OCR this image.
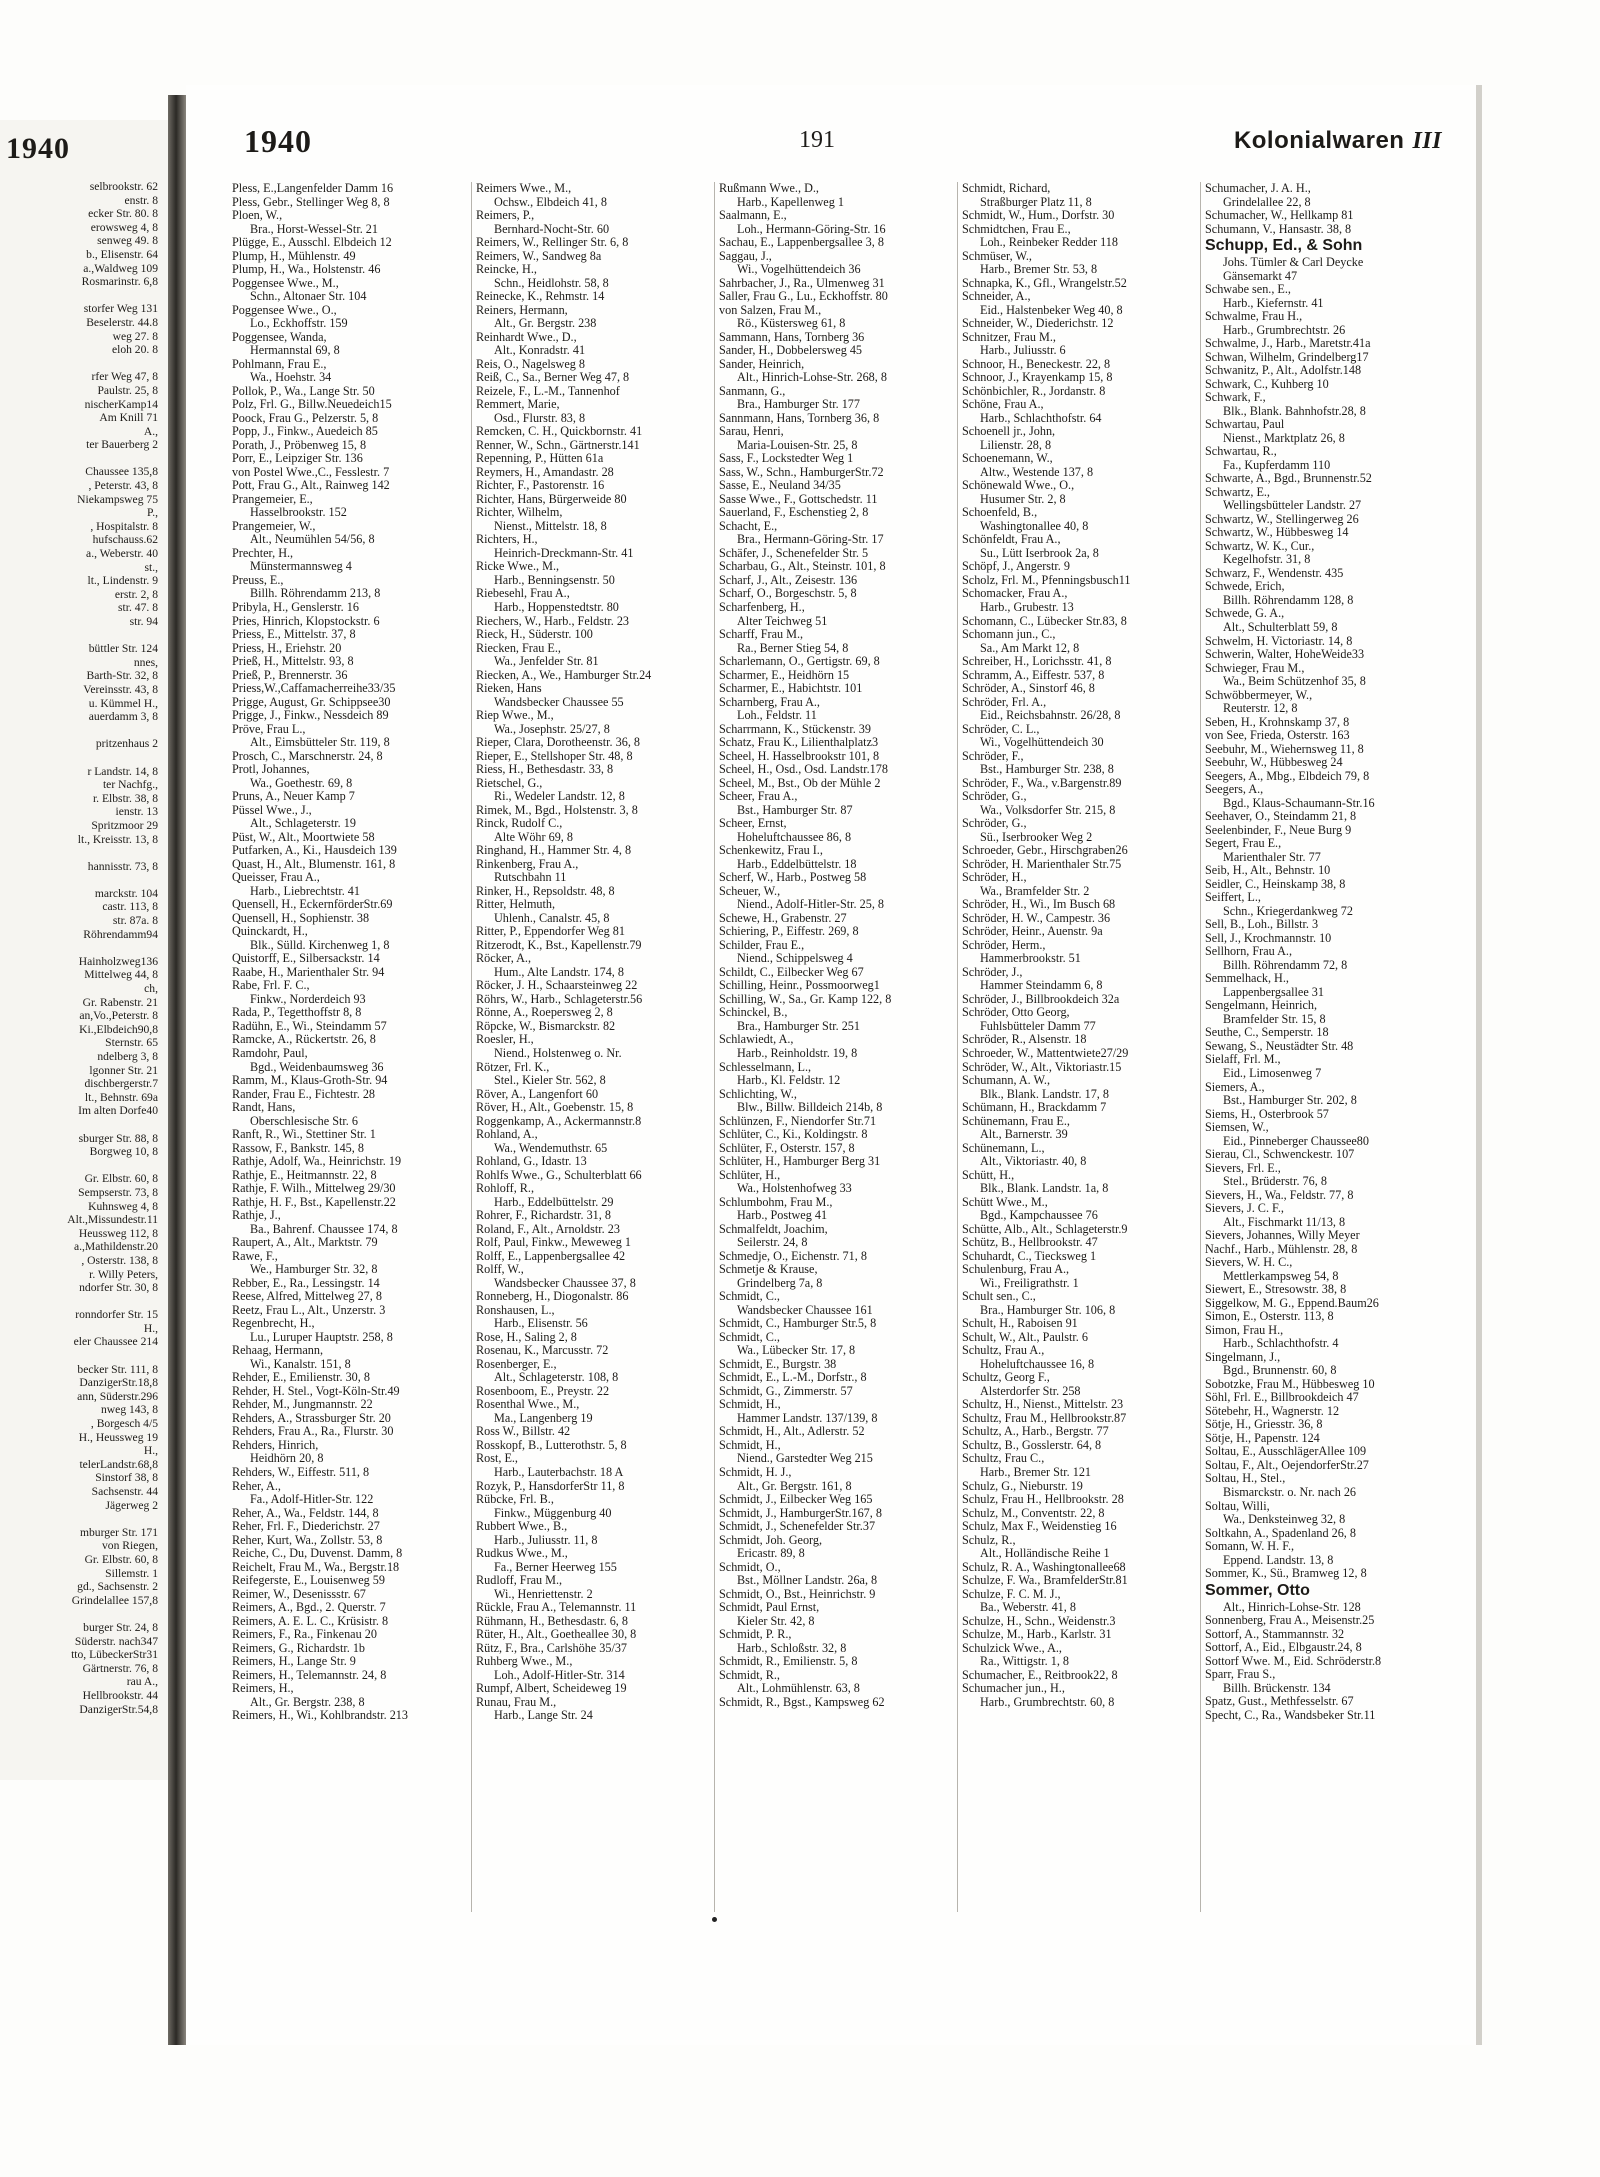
1940
selbrookstr. 62
enstr. 8
ecker Str. 80. 8
erowsweg 4, 8
senweg 49. 8
b., Elisenstr. 64
a.,Waldweg 109
Rosmarinstr. 6,8

storfer Weg 131
Beselerstr. 44.8
weg 27. 8
eloh 20. 8

rfer Weg 47, 8
Paulstr. 25, 8
nischerKamp14
Am Knill 71
A.,
ter Bauerberg 2

Chaussee 135,8
, Peterstr. 43, 8
Niekampsweg 75
P.,
, Hospitalstr. 8
hufschauss.62
a., Weberstr. 40
st.,
lt., Lindenstr. 9
erstr. 2, 8
str. 47. 8
str. 94

büttler Str. 124
nnes,
Barth-Str. 32, 8
Vereinsstr. 43, 8
u. Kümmel H.,
auerdamm 3, 8

pritzenhaus 2

r Landstr. 14, 8
ter Nachfg.,
r. Elbstr. 38, 8
ienstr. 13
Spritzmoor 29
lt., Kreisstr. 13, 8

hannisstr. 73, 8

marckstr. 104
castr. 113, 8
str. 87a. 8
Röhrendamm94

Hainholzweg136
Mittelweg 44, 8
ch,
Gr. Rabenstr. 21
an,Vo.,Peterstr. 8
Ki.,Elbdeich90,8
Sternstr. 65
ndelberg 3, 8
lgonner Str. 21
dischbergerstr.7
lt., Behnstr. 69a
Im alten Dorfe40

sburger Str. 88, 8
Borgweg 10, 8

Gr. Elbstr. 60, 8
Sempserstr. 73, 8
Kuhnsweg 4, 8
Alt.,Missundestr.11
Heussweg 112, 8
a.,Mathildenstr.20
, Osterstr. 138, 8
r. Willy Peters,
ndorfer Str. 30, 8

ronndorfer Str. 15
H.,
eler Chaussee 214

becker Str. 111, 8
DanzigerStr.18,8
ann, Süderstr.296
nweg 143, 8
, Borgesch 4/5
H., Heussweg 19
H.,
telerLandstr.68,8
Sinstorf 38, 8
Sachsenstr. 44
Jägerweg 2

mburger Str. 171
von Riegen,
Gr. Elbstr. 60, 8
Sillemstr. 1
gd., Sachsenstr. 2
Grindelallee 157,8

burger Str. 24, 8
Süderstr. nach347
tto, LübeckerStr31
Gärtnerstr. 76, 8
rau A.,
Hellbrookstr. 44
DanzigerStr.54,8
1940	191	Kolonialwaren III
Pless, E.,Langenfelder Damm 16
Pless, Gebr., Stellinger Weg 8, 8
Ploen, W.,
Bra., Horst-Wessel-Str. 21
Plügge, E., Ausschl. Elbdeich 12
Plump, H., Mühlenstr. 49
Plump, H., Wa., Holstenstr. 46
Poggensee Wwe., M.,
Schn., Altonaer Str. 104
Poggensee Wwe., O.,
Lo., Eckhoffstr. 159
Poggensee, Wanda,
Hermannstal 69, 8
Pohlmann, Frau E.,
Wa., Hoehstr. 34
Pollok, P., Wa., Lange Str. 50
Polz, Frl. G., Billw.Neuedeich15
Poock, Frau G., Pelzerstr. 5, 8
Popp, J., Finkw., Auedeich 85
Porath, J., Pröbenweg 15, 8
Porr, E., Leipziger Str. 136
von Postel Wwe.,C., Fesslestr. 7
Pott, Frau G., Alt., Rainweg 142
Prangemeier, E.,
Hasselbrookstr. 152
Prangemeier, W.,
Alt., Neumühlen 54/56, 8
Prechter, H.,
Münstermannsweg 4
Preuss, E.,
Billh. Röhrendamm 213, 8
Pribyla, H., Genslerstr. 16
Pries, Hinrich, Klopstockstr. 6
Priess, E., Mittelstr. 37, 8
Priess, H., Eriehstr. 20
Prieß, H., Mittelstr. 93, 8
Prieß, P., Brennerstr. 36
Priess,W.,Caffamacherreihe33/35
Prigge, August, Gr. Schippsee30
Prigge, J., Finkw., Nessdeich 89
Pröve, Frau L.,
Alt., Eimsbütteler Str. 119, 8
Prosch, C., Marschnerstr. 24, 8
Protl, Johannes,
Wa., Goethestr. 69, 8
Pruns, A., Neuer Kamp 7
Püssel Wwe., J.,
Alt., Schlageterstr. 19
Püst, W., Alt., Moortwiete 58
Putfarken, A., Ki., Hausdeich 139
Quast, H., Alt., Blumenstr. 161, 8
Queisser, Frau A.,
Harb., Liebrechtstr. 41
Quensell, H., EckernförderStr.69
Quensell, H., Sophienstr. 38
Quinckardt, H.,
Blk., Sülld. Kirchenweg 1, 8
Quistorff, E., Silbersackstr. 14
Raabe, H., Marienthaler Str. 94
Rabe, Frl. F. C.,
Finkw., Norderdeich 93
Rada, P., Tegetthoffstr 8, 8
Radühn, E., Wi., Steindamm 57
Ramcke, A., Rückertstr. 26, 8
Ramdohr, Paul,
Bgd., Weidenbaumsweg 36
Ramm, M., Klaus-Groth-Str. 94
Rander, Frau E., Fichtestr. 28
Randt, Hans,
Oberschlesische Str. 6
Ranft, R., Wi., Stettiner Str. 1
Rassow, F., Bankstr. 145, 8
Rathje, Adolf, Wa., Heinrichstr. 19
Rathje, E., Heitmannstr. 22, 8
Rathje, F. Wilh., Mittelweg 29/30
Rathje, H. F., Bst., Kapellenstr.22
Rathje, J.,
Ba., Bahrenf. Chaussee 174, 8
Raupert, A., Alt., Marktstr. 79
Rawe, F.,
We., Hamburger Str. 32, 8
Rebber, E., Ra., Lessingstr. 14
Reese, Alfred, Mittelweg 27, 8
Reetz, Frau L., Alt., Unzerstr. 3
Regenbrecht, H.,
Lu., Luruper Hauptstr. 258, 8
Rehaag, Hermann,
Wi., Kanalstr. 151, 8
Rehder, E., Emilienstr. 30, 8
Rehder, H. Stel., Vogt-Köln-Str.49
Rehder, M., Jungmannstr. 22
Rehders, A., Strassburger Str. 20
Rehders, Frau A., Ra., Flurstr. 30
Rehders, Hinrich,
Heidhörn 20, 8
Rehders, W., Eiffestr. 511, 8
Reher, A.,
Fa., Adolf-Hitler-Str. 122
Reher, A., Wa., Feldstr. 144, 8
Reher, Frl. F., Diederichstr. 27
Reher, Kurt, Wa., Zollstr. 53, 8
Reiche, C., Du, Duvenst. Damm, 8
Reichelt, Frau M., Wa., Bergstr.18
Reifegerste, E., Louisenweg 59
Reimer, W., Desenissstr. 67
Reimers, A., Bgd., 2. Querstr. 7
Reimers, A. E. L. C., Krüsistr. 8
Reimers, F., Ra., Finkenau 20
Reimers, G., Richardstr. 1b
Reimers, H., Lange Str. 9
Reimers, H., Telemannstr. 24, 8
Reimers, H.,
Alt., Gr. Bergstr. 238, 8
Reimers, H., Wi., Kohlbrandstr. 213
Reimers Wwe., M.,
Ochsw., Elbdeich 41, 8
Reimers, P.,
Bernhard-Nocht-Str. 60
Reimers, W., Rellinger Str. 6, 8
Reimers, W., Sandweg 8a
Reincke, H.,
Schn., Heidlohstr. 58, 8
Reinecke, K., Rehmstr. 14
Reiners, Hermann,
Alt., Gr. Bergstr. 238
Reinhardt Wwe., D.,
Alt., Konradstr. 41
Reis, O., Nagelsweg 8
Reiß, C., Sa., Berner Weg 47, 8
Reizele, F., L.-M., Tannenhof
Remmert, Marie,
Osd., Flurstr. 83, 8
Remcken, C. H., Quickbornstr. 41
Renner, W., Schn., Gärtnerstr.141
Repenning, P., Hütten 61a
Reymers, H., Amandastr. 28
Richter, F., Pastorenstr. 16
Richter, Hans, Bürgerweide 80
Richter, Wilhelm,
Nienst., Mittelstr. 18, 8
Richters, H.,
Heinrich-Dreckmann-Str. 41
Ricke Wwe., M.,
Harb., Benningsenstr. 50
Riebesehl, Frau A.,
Harb., Hoppenstedtstr. 80
Riechers, W., Harb., Feldstr. 23
Rieck, H., Süderstr. 100
Riecken, Frau E.,
Wa., Jenfelder Str. 81
Riecken, A., We., Hamburger Str.24
Rieken, Hans
Wandsbecker Chaussee 55
Riep Wwe., M.,
Wa., Josephstr. 25/27, 8
Rieper, Clara, Dorotheenstr. 36, 8
Rieper, E., Stellshoper Str. 48, 8
Riess, H., Bethesdastr. 33, 8
Rietschel, G.,
Ri., Wedeler Landstr. 12, 8
Rimek, M., Bgd., Holstenstr. 3, 8
Rinck, Rudolf C.,
Alte Wöhr 69, 8
Ringhand, H., Hammer Str. 4, 8
Rinkenberg, Frau A.,
Rutschbahn 11
Rinker, H., Repsoldstr. 48, 8
Ritter, Helmuth,
Uhlenh., Canalstr. 45, 8
Ritter, P., Eppendorfer Weg 81
Ritzerodt, K., Bst., Kapellenstr.79
Röcker, A.,
Hum., Alte Landstr. 174, 8
Röcker, J. H., Schaarsteinweg 22
Röhrs, W., Harb., Schlageterstr.56
Rönne, A., Roepersweg 2, 8
Röpcke, W., Bismarckstr. 82
Roesler, H.,
Niend., Holstenweg o. Nr.
Rötzer, Frl. K.,
Stel., Kieler Str. 562, 8
Röver, A., Langenfort 60
Röver, H., Alt., Goebenstr. 15, 8
Roggenkamp, A., Ackermannstr.8
Rohland, A.,
Wa., Wendemuthstr. 65
Rohland, G., Idastr. 13
Rohlfs Wwe., G., Schulterblatt 66
Rohloff, R.,
Harb., Eddelbüttelstr. 29
Rohrer, F., Richardstr. 31, 8
Roland, F., Alt., Arnoldstr. 23
Rolf, Paul, Finkw., Meweweg 1
Rolff, E., Lappenbergsallee 42
Rolff, W.,
Wandsbecker Chaussee 37, 8
Ronneberg, H., Diogonalstr. 86
Ronshausen, L.,
Harb., Elisenstr. 56
Rose, H., Saling 2, 8
Rosenau, K., Marcusstr. 72
Rosenberger, E.,
Alt., Schlageterstr. 108, 8
Rosenboom, E., Preystr. 22
Rosenthal Wwe., M.,
Ma., Langenberg 19
Ross W., Billstr. 42
Rosskopf, B., Lutterothstr. 5, 8
Rost, E.,
Harb., Lauterbachstr. 18 A
Rozyk, P., HansdorferStr 11, 8
Rübcke, Frl. B.,
Finkw., Müggenburg 40
Rubbert Wwe., B.,
Harb., Juliusstr. 11, 8
Rudkus Wwe., M.,
Fa., Berner Heerweg 155
Rudloff, Frau M.,
Wi., Henriettenstr. 2
Rückle, Frau A., Telemannstr. 11
Rühmann, H., Bethesdastr. 6, 8
Rüter, H., Alt., Goetheallee 30, 8
Rütz, F., Bra., Carlshöhe 35/37
Ruhberg Wwe., M.,
Loh., Adolf-Hitler-Str. 314
Rumpf, Albert, Scheideweg 19
Runau, Frau M.,
Harb., Lange Str. 24
Rußmann Wwe., D.,
Harb., Kapellenweg 1
Saalmann, E.,
Loh., Hermann-Göring-Str. 16
Sachau, E., Lappenbergsallee 3, 8
Saggau, J.,
Wi., Vogelhüttendeich 36
Sahrbacher, J., Ra., Ulmenweg 31
Saller, Frau G., Lu., Eckhoffstr. 80
von Salzen, Frau M.,
Rö., Küstersweg 61, 8
Sammann, Hans, Tornberg 36
Sander, H., Dobbelersweg 45
Sander, Heinrich,
Alt., Hinrich-Lohse-Str. 268, 8
Sanmann, G.,
Bra., Hamburger Str. 177
Sannmann, Hans, Tornberg 36, 8
Sarau, Henri,
Maria-Louisen-Str. 25, 8
Sass, F., Lockstedter Weg 1
Sass, W., Schn., HamburgerStr.72
Sasse, E., Neuland 34/35
Sasse Wwe., F., Gottschedstr. 11
Sauerland, F., Eschenstieg 2, 8
Schacht, E.,
Bra., Hermann-Göring-Str. 17
Schäfer, J., Schenefelder Str. 5
Scharbau, G., Alt., Steinstr. 101, 8
Scharf, J., Alt., Zeisestr. 136
Scharf, O., Borgeschstr. 5, 8
Scharfenberg, H.,
Alter Teichweg 51
Scharff, Frau M.,
Ra., Berner Stieg 54, 8
Scharlemann, O., Gertigstr. 69, 8
Scharmer, E., Heidhörn 15
Scharmer, E., Habichtstr. 101
Scharnberg, Frau A.,
Loh., Feldstr. 11
Scharrmann, K., Stückenstr. 39
Schatz, Frau K., Lilienthalplatz3
Scheel, H. Hasselbrookstr 101, 8
Scheel, H., Osd., Osd. Landstr.178
Scheel, M., Bst., Ob der Mühle 2
Scheer, Frau A.,
Bst., Hamburger Str. 87
Scheer, Ernst,
Hoheluftchaussee 86, 8
Schenkewitz, Frau I.,
Harb., Eddelbüttelstr. 18
Scherf, W., Harb., Postweg 58
Scheuer, W.,
Niend., Adolf-Hitler-Str. 25, 8
Schewe, H., Grabenstr. 27
Schiering, P., Eiffestr. 269, 8
Schilder, Frau E.,
Niend., Schippelsweg 4
Schildt, C., Eilbecker Weg 67
Schilling, Heinr., Possmoorweg1
Schilling, W., Sa., Gr. Kamp 122, 8
Schinckel, B.,
Bra., Hamburger Str. 251
Schlawiedt, A.,
Harb., Reinholdstr. 19, 8
Schlesselmann, L.,
Harb., Kl. Feldstr. 12
Schlichting, W.,
Blw., Billw. Billdeich 214b, 8
Schlünzen, F., Niendorfer Str.71
Schlüter, C., Ki., Koldingstr. 8
Schlüter, F., Osterstr. 157, 8
Schlüter, H., Hamburger Berg 31
Schlüter, H.,
Wa., Holstenhofweg 33
Schlumbohm, Frau M.,
Harb., Postweg 41
Schmalfeldt, Joachim,
Seilerstr. 24, 8
Schmedje, O., Eichenstr. 71, 8
Schmetje & Krause,
Grindelberg 7a, 8
Schmidt, C.,
Wandsbecker Chaussee 161
Schmidt, C., Hamburger Str.5, 8
Schmidt, C.,
Wa., Lübecker Str. 17, 8
Schmidt, E., Burgstr. 38
Schmidt, E., L.-M., Dorfstr., 8
Schmidt, G., Zimmerstr. 57
Schmidt, H.,
Hammer Landstr. 137/139, 8
Schmidt, H., Alt., Adlerstr. 52
Schmidt, H.,
Niend., Garstedter Weg 215
Schmidt, H. J.,
Alt., Gr. Bergstr. 161, 8
Schmidt, J., Eilbecker Weg 165
Schmidt, J., HamburgerStr.167, 8
Schmidt, J., Schenefelder Str.37
Schmidt, Joh. Georg,
Ericastr. 89, 8
Schmidt, O.,
Bst., Möllner Landstr. 26a, 8
Schmidt, O., Bst., Heinrichstr. 9
Schmidt, Paul Ernst,
Kieler Str. 42, 8
Schmidt, P. R.,
Harb., Schloßstr. 32, 8
Schmidt, R., Emilienstr. 5, 8
Schmidt, R.,
Alt., Lohmühlenstr. 63, 8
Schmidt, R., Bgst., Kampsweg 62
Schmidt, Richard,
Straßburger Platz 11, 8
Schmidt, W., Hum., Dorfstr. 30
Schmidtchen, Frau E.,
Loh., Reinbeker Redder 118
Schmüser, W.,
Harb., Bremer Str. 53, 8
Schnapka, K., Gfl., Wrangelstr.52
Schneider, A.,
Eid., Halstenbeker Weg 40, 8
Schneider, W., Diederichstr. 12
Schnitzer, Frau M.,
Harb., Juliusstr. 6
Schnoor, H., Beneckestr. 22, 8
Schnoor, J., Krayenkamp 15, 8
Schönbichler, R., Jordanstr. 8
Schöne, Frau A.,
Harb., Schlachthofstr. 64
Schoenell jr., John,
Lilienstr. 28, 8
Schoenemann, W.,
Altw., Westende 137, 8
Schönewald Wwe., O.,
Husumer Str. 2, 8
Schoenfeld, B.,
Washingtonallee 40, 8
Schönfeldt, Frau A.,
Su., Lütt Iserbrook 2a, 8
Schöpf, J., Angerstr. 9
Scholz, Frl. M., Pfenningsbusch11
Schomacker, Frau A.,
Harb., Grubestr. 13
Schomann, C., Lübecker Str.83, 8
Schomann jun., C.,
Sa., Am Markt 12, 8
Schreiber, H., Lorichsstr. 41, 8
Schramm, A., Eiffestr. 537, 8
Schröder, A., Sinstorf 46, 8
Schröder, Frl. A.,
Eid., Reichsbahnstr. 26/28, 8
Schröder, C. L.,
Wi., Vogelhüttendeich 30
Schröder, F.,
Bst., Hamburger Str. 238, 8
Schröder, F., Wa., v.Bargenstr.89
Schröder, G.,
Wa., Volksdorfer Str. 215, 8
Schröder, G.,
Sü., Iserbrooker Weg 2
Schroeder, Gebr., Hirschgraben26
Schröder, H. Marienthaler Str.75
Schröder, H.,
Wa., Bramfelder Str. 2
Schröder, H., Wi., Im Busch 68
Schröder, H. W., Campestr. 36
Schröder, Heinr., Auenstr. 9a
Schröder, Herm.,
Hammerbrookstr. 51
Schröder, J.,
Hammer Steindamm 6, 8
Schröder, J., Billbrookdeich 32a
Schröder, Otto Georg,
Fuhlsbütteler Damm 77
Schröder, R., Alsenstr. 18
Schroeder, W., Mattentwiete27/29
Schröder, W., Alt., Viktoriastr.15
Schumann, A. W.,
Blk., Blank. Landstr. 17, 8
Schümann, H., Brackdamm 7
Schünemann, Frau E.,
Alt., Barnerstr. 39
Schünemann, L.,
Alt., Viktoriastr. 40, 8
Schütt, H.,
Blk., Blank. Landstr. 1a, 8
Schütt Wwe., M.,
Bgd., Kampchaussee 76
Schütte, Alb., Alt., Schlageterstr.9
Schütz, B., Hellbrookstr. 47
Schuhardt, C., Tiecksweg 1
Schulenburg, Frau A.,
Wi., Freiligrathstr. 1
Schult sen., C.,
Bra., Hamburger Str. 106, 8
Schult, H., Raboisen 91
Schult, W., Alt., Paulstr. 6
Schultz, Frau A.,
Hoheluftchaussee 16, 8
Schultz, Georg F.,
Alsterdorfer Str. 258
Schultz, H., Nienst., Mittelstr. 23
Schultz, Frau M., Hellbrookstr.87
Schultz, A., Harb., Bergstr. 77
Schultz, B., Gosslerstr. 64, 8
Schultz, Frau C.,
Harb., Bremer Str. 121
Schulz, G., Nieburstr. 19
Schulz, Frau H., Hellbrookstr. 28
Schulz, M., Conventstr. 22, 8
Schulz, Max F., Weidenstieg 16
Schulz, R.,
Alt., Holländische Reihe 1
Schulz, R. A., Washingtonallee68
Schulze, F. Wa., BramfelderStr.81
Schulze, F. C. M. J.,
Ba., Weberstr. 41, 8
Schulze, H., Schn., Weidenstr.3
Schulze, M., Harb., Karlstr. 31
Schulzick Wwe., A.,
Ra., Wittigstr. 1, 8
Schumacher, E., Reitbrook22, 8
Schumacher jun., H.,
Harb., Grumbrechtstr. 60, 8
Schumacher, J. A. H.,
Grindelallee 22, 8
Schumacher, W., Hellkamp 81
Schumann, V., Hansastr. 38, 8
Schupp, Ed., & Sohn
Johs. Tümler & Carl Deycke
Gänsemarkt 47
Schwabe sen., E.,
Harb., Kiefernstr. 41
Schwalme, Frau H.,
Harb., Grumbrechtstr. 26
Schwalme, J., Harb., Maretstr.41a
Schwan, Wilhelm, Grindelberg17
Schwanitz, P., Alt., Adolfstr.148
Schwark, C., Kuhberg 10
Schwark, F.,
Blk., Blank. Bahnhofstr.28, 8
Schwartau, Paul
Nienst., Marktplatz 26, 8
Schwartau, R.,
Fa., Kupferdamm 110
Schwarte, A., Bgd., Brunnenstr.52
Schwartz, E.,
Wellingsbütteler Landstr. 27
Schwartz, W., Stellingerweg 26
Schwartz, W., Hübbesweg 14
Schwartz, W. K., Cur.,
Kegelhofstr. 31, 8
Schwarz, F., Wendenstr. 435
Schwede, Erich,
Billh. Röhrendamm 128, 8
Schwede, G. A.,
Alt., Schulterblatt 59, 8
Schwelm, H. Victoriastr. 14, 8
Schwerin, Walter, HoheWeide33
Schwieger, Frau M.,
Wa., Beim Schützenhof 35, 8
Schwöbbermeyer, W.,
Reuterstr. 12, 8
Seben, H., Krohnskamp 37, 8
von See, Frieda, Osterstr. 163
Seebuhr, M., Wiehernsweg 11, 8
Seebuhr, W., Hübbesweg 24
Seegers, A., Mbg., Elbdeich 79, 8
Seegers, A.,
Bgd., Klaus-Schaumann-Str.16
Seehaver, O., Steindamm 21, 8
Seelenbinder, F., Neue Burg 9
Segert, Frau E.,
Marienthaler Str. 77
Seib, H., Alt., Behnstr. 10
Seidler, C., Heinskamp 38, 8
Seiffert, L.,
Schn., Kriegerdankweg 72
Sell, B., Loh., Billstr. 3
Sell, J., Krochmannstr. 10
Sellhorn, Frau A.,
Billh. Röhrendamm 72, 8
Semmelhack, H.,
Lappenbergsallee 31
Sengelmann, Heinrich,
Bramfelder Str. 15, 8
Seuthe, C., Semperstr. 18
Sewang, S., Neustädter Str. 48
Sielaff, Frl. M.,
Eid., Limosenweg 7
Siemers, A.,
Bst., Hamburger Str. 202, 8
Siems, H., Osterbrook 57
Siemsen, W.,
Eid., Pinneberger Chaussee80
Sierau, Cl., Schwenckestr. 107
Sievers, Frl. E.,
Stel., Brüderstr. 76, 8
Sievers, H., Wa., Feldstr. 77, 8
Sievers, J. C. F.,
Alt., Fischmarkt 11/13, 8
Sievers, Johannes, Willy Meyer
Nachf., Harb., Mühlenstr. 28, 8
Sievers, W. H. C.,
Mettlerkampsweg 54, 8
Siewert, E., Stresowstr. 38, 8
Siggelkow, M. G., Eppend.Baum26
Simon, E., Osterstr. 113, 8
Simon, Frau H.,
Harb., Schlachthofstr. 4
Singelmann, J.,
Bgd., Brunnenstr. 60, 8
Sobotzke, Frau M., Hübbesweg 10
Söhl, Frl. E., Billbrookdeich 47
Sötebehr, H., Wagnerstr. 12
Sötje, H., Griesstr. 36, 8
Sötje, H., Papenstr. 124
Soltau, E., AusschlägerAllee 109
Soltau, F., Alt., OejendorferStr.27
Soltau, H., Stel.,
Bismarckstr. o. Nr. nach 26
Soltau, Willi,
Wa., Denksteinweg 32, 8
Soltkahn, A., Spadenland 26, 8
Somann, W. H. F.,
Eppend. Landstr. 13, 8
Sommer, K., Sü., Bramweg 12, 8
Sommer, Otto
Alt., Hinrich-Lohse-Str. 128
Sonnenberg, Frau A., Meisenstr.25
Sottorf, A., Stammannstr. 32
Sottorf, A., Eid., Elbgaustr.24, 8
Sottorf Wwe. M., Eid. Schröderstr.8
Sparr, Frau S.,
Billh. Brückenstr. 134
Spatz, Gust., Methfesselstr. 67
Specht, C., Ra., Wandsbeker Str.11
